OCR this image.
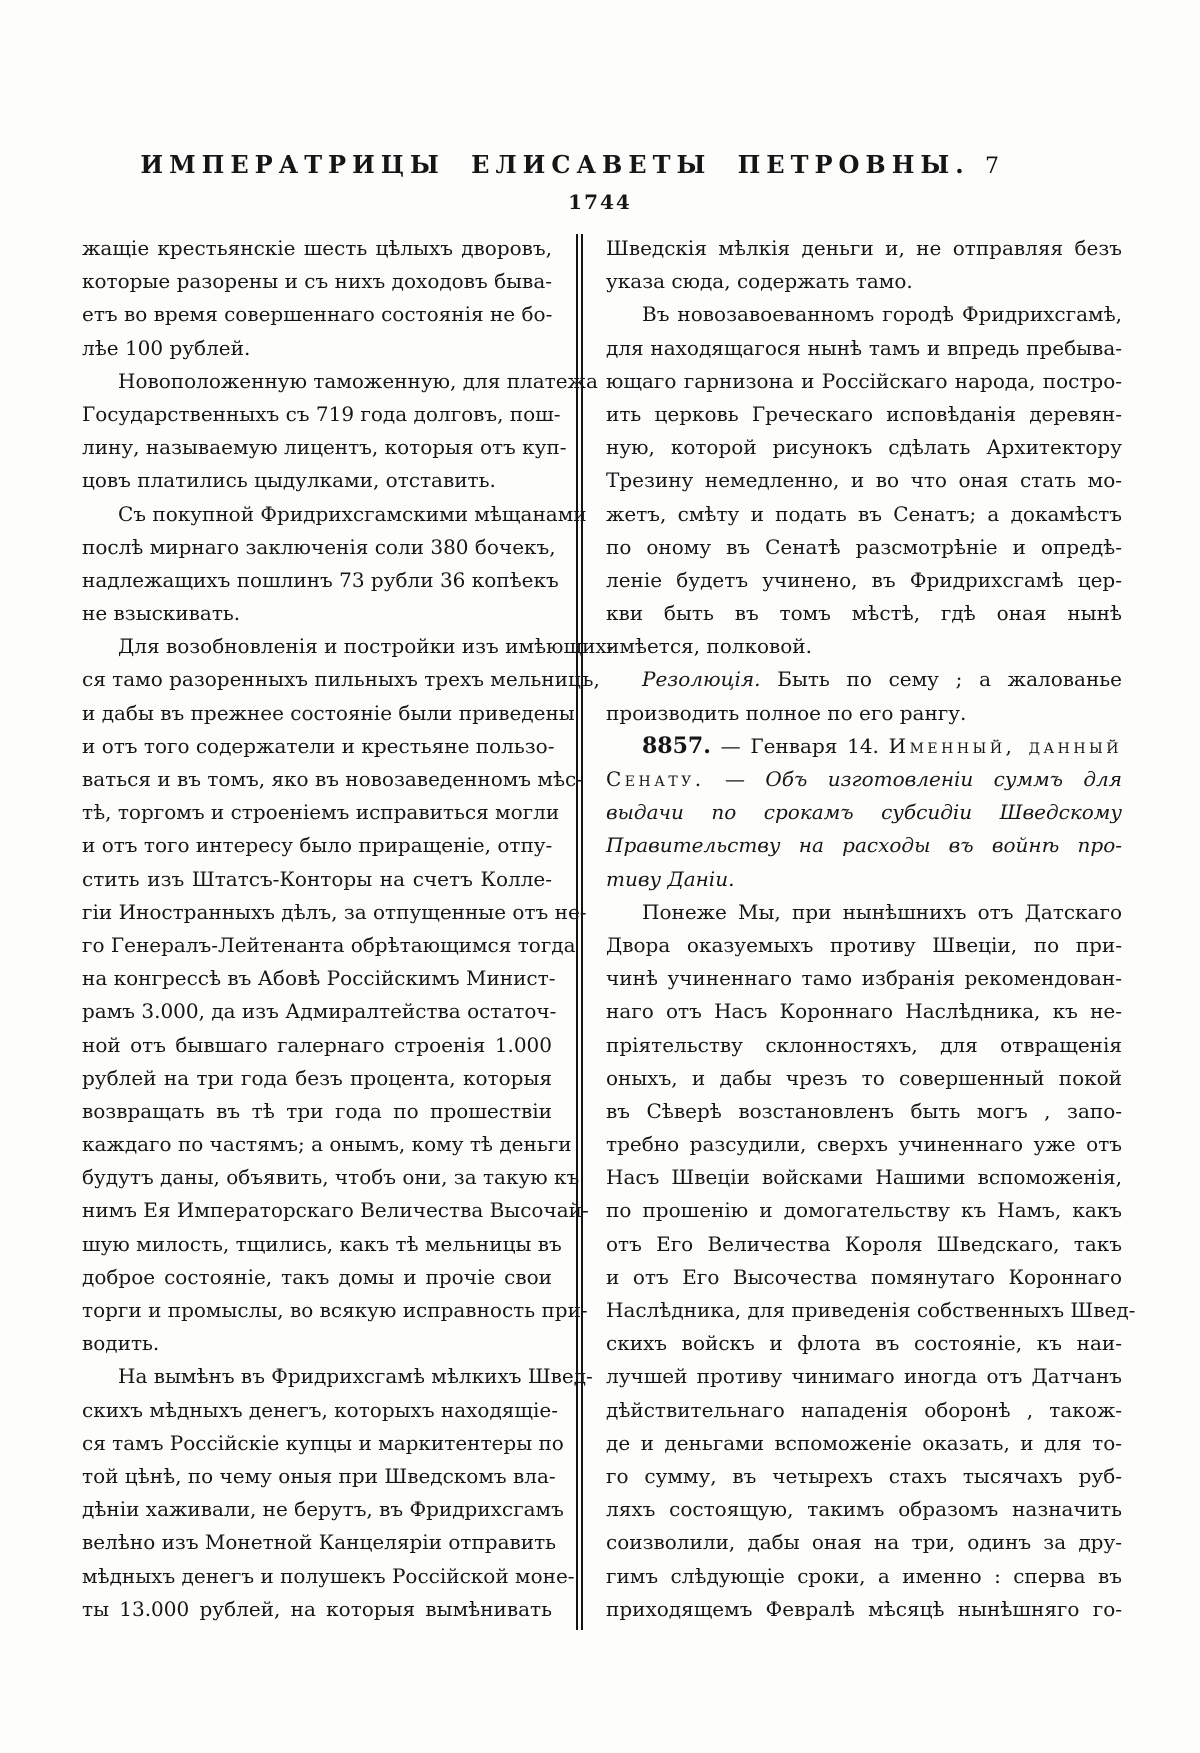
ИМПЕРАТРИЦЫ ЕЛИСАВЕТЫ ПЕТРОВНЫ. 7
1744
жащіе крестьянскіе шесть цѣлыхъ дворовъ,
которые разорены и съ нихъ доходовъ быва-
етъ во время совершеннаго состоянія не бо-
лѣе 100 рублей.
Новоположенную таможенную, для платежа
Государственныхъ съ 719 года долговъ, пош-
лину, называемую лицентъ, которыя отъ куп-
цовъ платились цыдулками, отставить.
Съ покупной Фридрихсгамскими мѣщанами
послѣ мирнаго заключенія соли 380 бочекъ,
надлежащихъ пошлинъ 73 рубли 36 копѣекъ
не взыскивать.
Для возобновленія и постройки изъ имѣющих-
ся тамо разоренныхъ пильныхъ трехъ мельницъ,
и дабы въ прежнее состояніе были приведены
и отъ того содержатели и крестьяне пользо-
ваться и въ томъ, яко въ новозаведенномъ мѣс-
тѣ, торгомъ и строеніемъ исправиться могли
и отъ того интересу было приращеніе, отпу-
стить изъ Штатсъ-Конторы на счетъ Колле-
гіи Иностранныхъ дѣлъ, за отпущенные отъ не-
го Генералъ-Лейтенанта обрѣтающимся тогда
на конгрессѣ въ Абовѣ Россійскимъ Минист-
рамъ 3.000, да изъ Адмиралтейства остаточ-
ной отъ бывшаго галернаго строенія 1.000
рублей на три года безъ процента, которыя
возвращать въ тѣ три года по прошествіи
каждаго по частямъ; а онымъ, кому тѣ деньги
будутъ даны, объявить, чтобъ они, за такую къ
нимъ Ея Императорскаго Величества Высочай-
шую милость, тщились, какъ тѣ мельницы въ
доброе состояніе, такъ домы и прочіе свои
торги и промыслы, во всякую исправность при-
водить.
На вымѣнъ въ Фридрихсгамѣ мѣлкихъ Швед-
скихъ мѣдныхъ денегъ, которыхъ находящіе-
ся тамъ Россійскіе купцы и маркитентеры по
той цѣнѣ, по чему оныя при Шведскомъ вла-
дѣніи хаживали, не берутъ, въ Фридрихсгамъ
велѣно изъ Монетной Канцеляріи отправить
мѣдныхъ денегъ и полушекъ Россійской моне-
ты 13.000 рублей, на которыя вымѣнивать
Шведскія мѣлкія деньги и, не отправляя безъ
указа сюда, содержать тамо.
Въ новозавоеванномъ городѣ Фридрихсгамѣ,
для находящагося нынѣ тамъ и впредь пребыва-
ющаго гарнизона и Россійскаго народа, постро-
ить церковь Греческаго исповѣданія деревян-
ную, которой рисунокъ сдѣлать Архитектору
Трезину немедленно, и во что оная стать мо-
жетъ, смѣту и подать въ Сенатъ; а докамѣстъ
по оному въ Сенатѣ разсмотрѣніе и опредѣ-
леніе будетъ учинено, въ Фридрихсгамѣ цер-
кви быть въ томъ мѣстѣ, гдѣ оная нынѣ
имѣется, полковой.
Резолюція. Быть по сему ; а жалованье
производить полное по его рангу.
8857. — Генваря 14. Именный, данный
Сенату. — Объ изготовленіи суммъ для
выдачи по срокамъ субсидіи Шведскому
Правительству на расходы въ войнѣ про-
тиву Даніи.
Понеже Мы, при нынѣшнихъ отъ Датскаго
Двора оказуемыхъ противу Швеціи, по при-
чинѣ учиненнаго тамо избранія рекомендован-
наго отъ Насъ Короннаго Наслѣдника, къ не-
пріятельству склонностяхъ, для отвращенія
оныхъ, и дабы чрезъ то совершенный покой
въ Сѣверѣ возстановленъ быть могъ , запо-
требно разсудили, сверхъ учиненнаго уже отъ
Насъ Швеціи войсками Нашими вспоможенія,
по прошенію и домогательству къ Намъ, какъ
отъ Его Величества Короля Шведскаго, такъ
и отъ Его Высочества помянутаго Короннаго
Наслѣдника, для приведенія собственныхъ Швед-
скихъ войскъ и флота въ состояніе, къ наи-
лучшей противу чинимаго иногда отъ Датчанъ
дѣйствительнаго нападенія оборонѣ , також-
де и деньгами вспоможеніе оказать, и для то-
го сумму, въ четырехъ стахъ тысячахъ руб-
ляхъ состоящую, такимъ образомъ назначить
соизволили, дабы оная на три, одинъ за дру-
гимъ слѣдующіе сроки, а именно : сперва въ
приходящемъ Февралѣ мѣсяцѣ нынѣшняго го-
